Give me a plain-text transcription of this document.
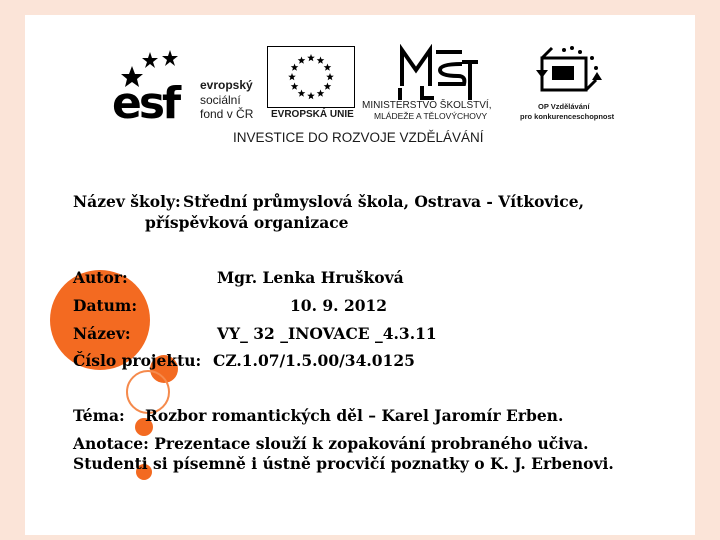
esf	evropský
sociální
fond v ČR EVROPSKÁ UNIE
MINISTERSTVO ŠKOLSTVÍ,
MLÁDEŽE A TĚLOVÝCHOVY
OP Vzdělávání
pro konkurenceschopnost
INVESTICE DO ROZVOJE VZDĚLÁVÁNÍ
Název školy: Střední průmyslová škola, Ostrava - Vítkovice,
příspěvková organizace
Autor:	Mgr. Lenka Hrušková
Datum:	10. 9. 2012
Název:	VY_ 32 _INOVACE _4.3.11
Číslo projektu: CZ.1.07/1.5.00/34.0125
Téma: Rozbor romantických děl – Karel Jaromír Erben.
Anotace: Prezentace slouží k zopakování probraného učiva.
Studenti si písemně i ústně procvičí poznatky o K. J. Erbenovi.
